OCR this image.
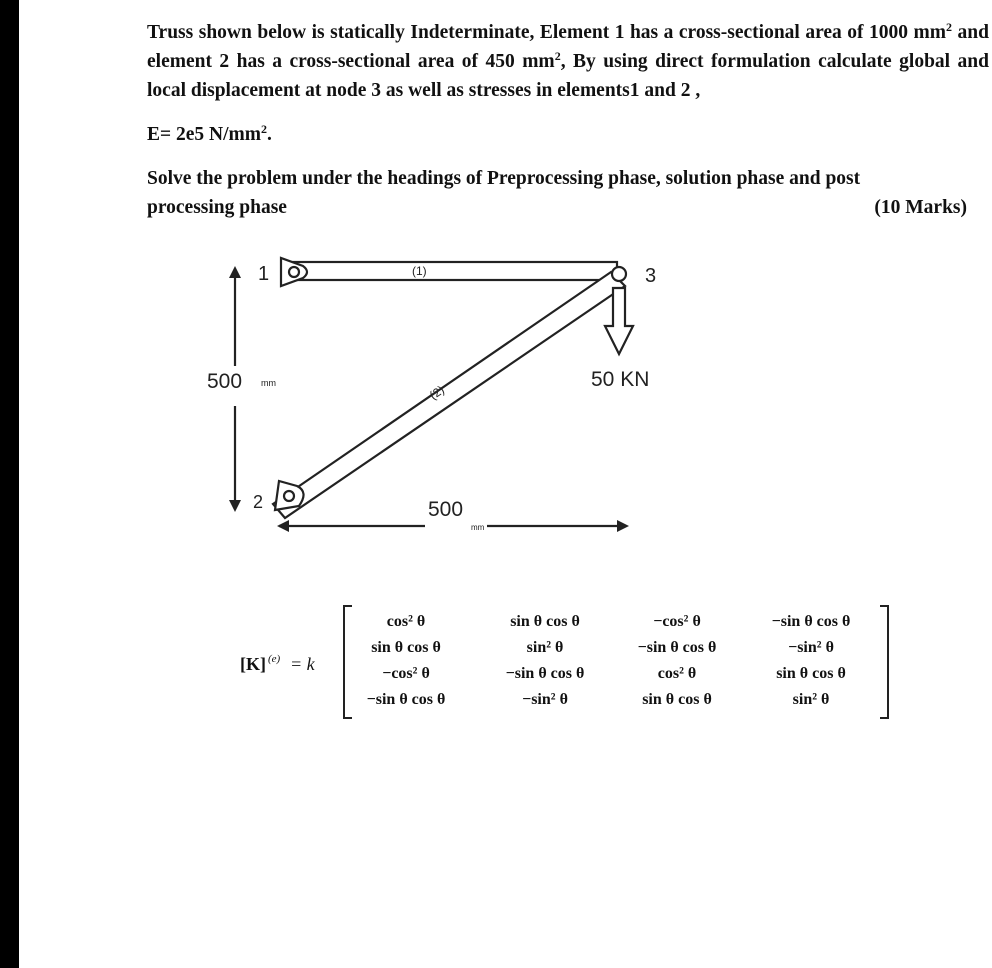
Truss shown below is statically Indeterminate, Element 1 has a cross-sectional area of 1000 $mm^2$ and element 2 has a cross-sectional area of 450 $mm^2$, By using direct formulation calculate global and local displacement at node 3 as well as stresses in elements1 and 2 ,

E= 2e5 $N/mm^2$.

Solve the problem under the headings of Preprocessing phase, solution phase and post

processing phase	(10 Marks)
1
2
3
(1)
(2)
500 mm
500
mm
50 KN
[K] (e) = k
cos² θ	sin θ cos θ	−cos² θ	−sin θ cos θ
sin θ cos θ	sin² θ	−sin θ cos θ	−sin² θ
−cos² θ	−sin θ cos θ	cos² θ	sin θ cos θ
−sin θ cos θ	−sin² θ	sin θ cos θ	sin² θ
